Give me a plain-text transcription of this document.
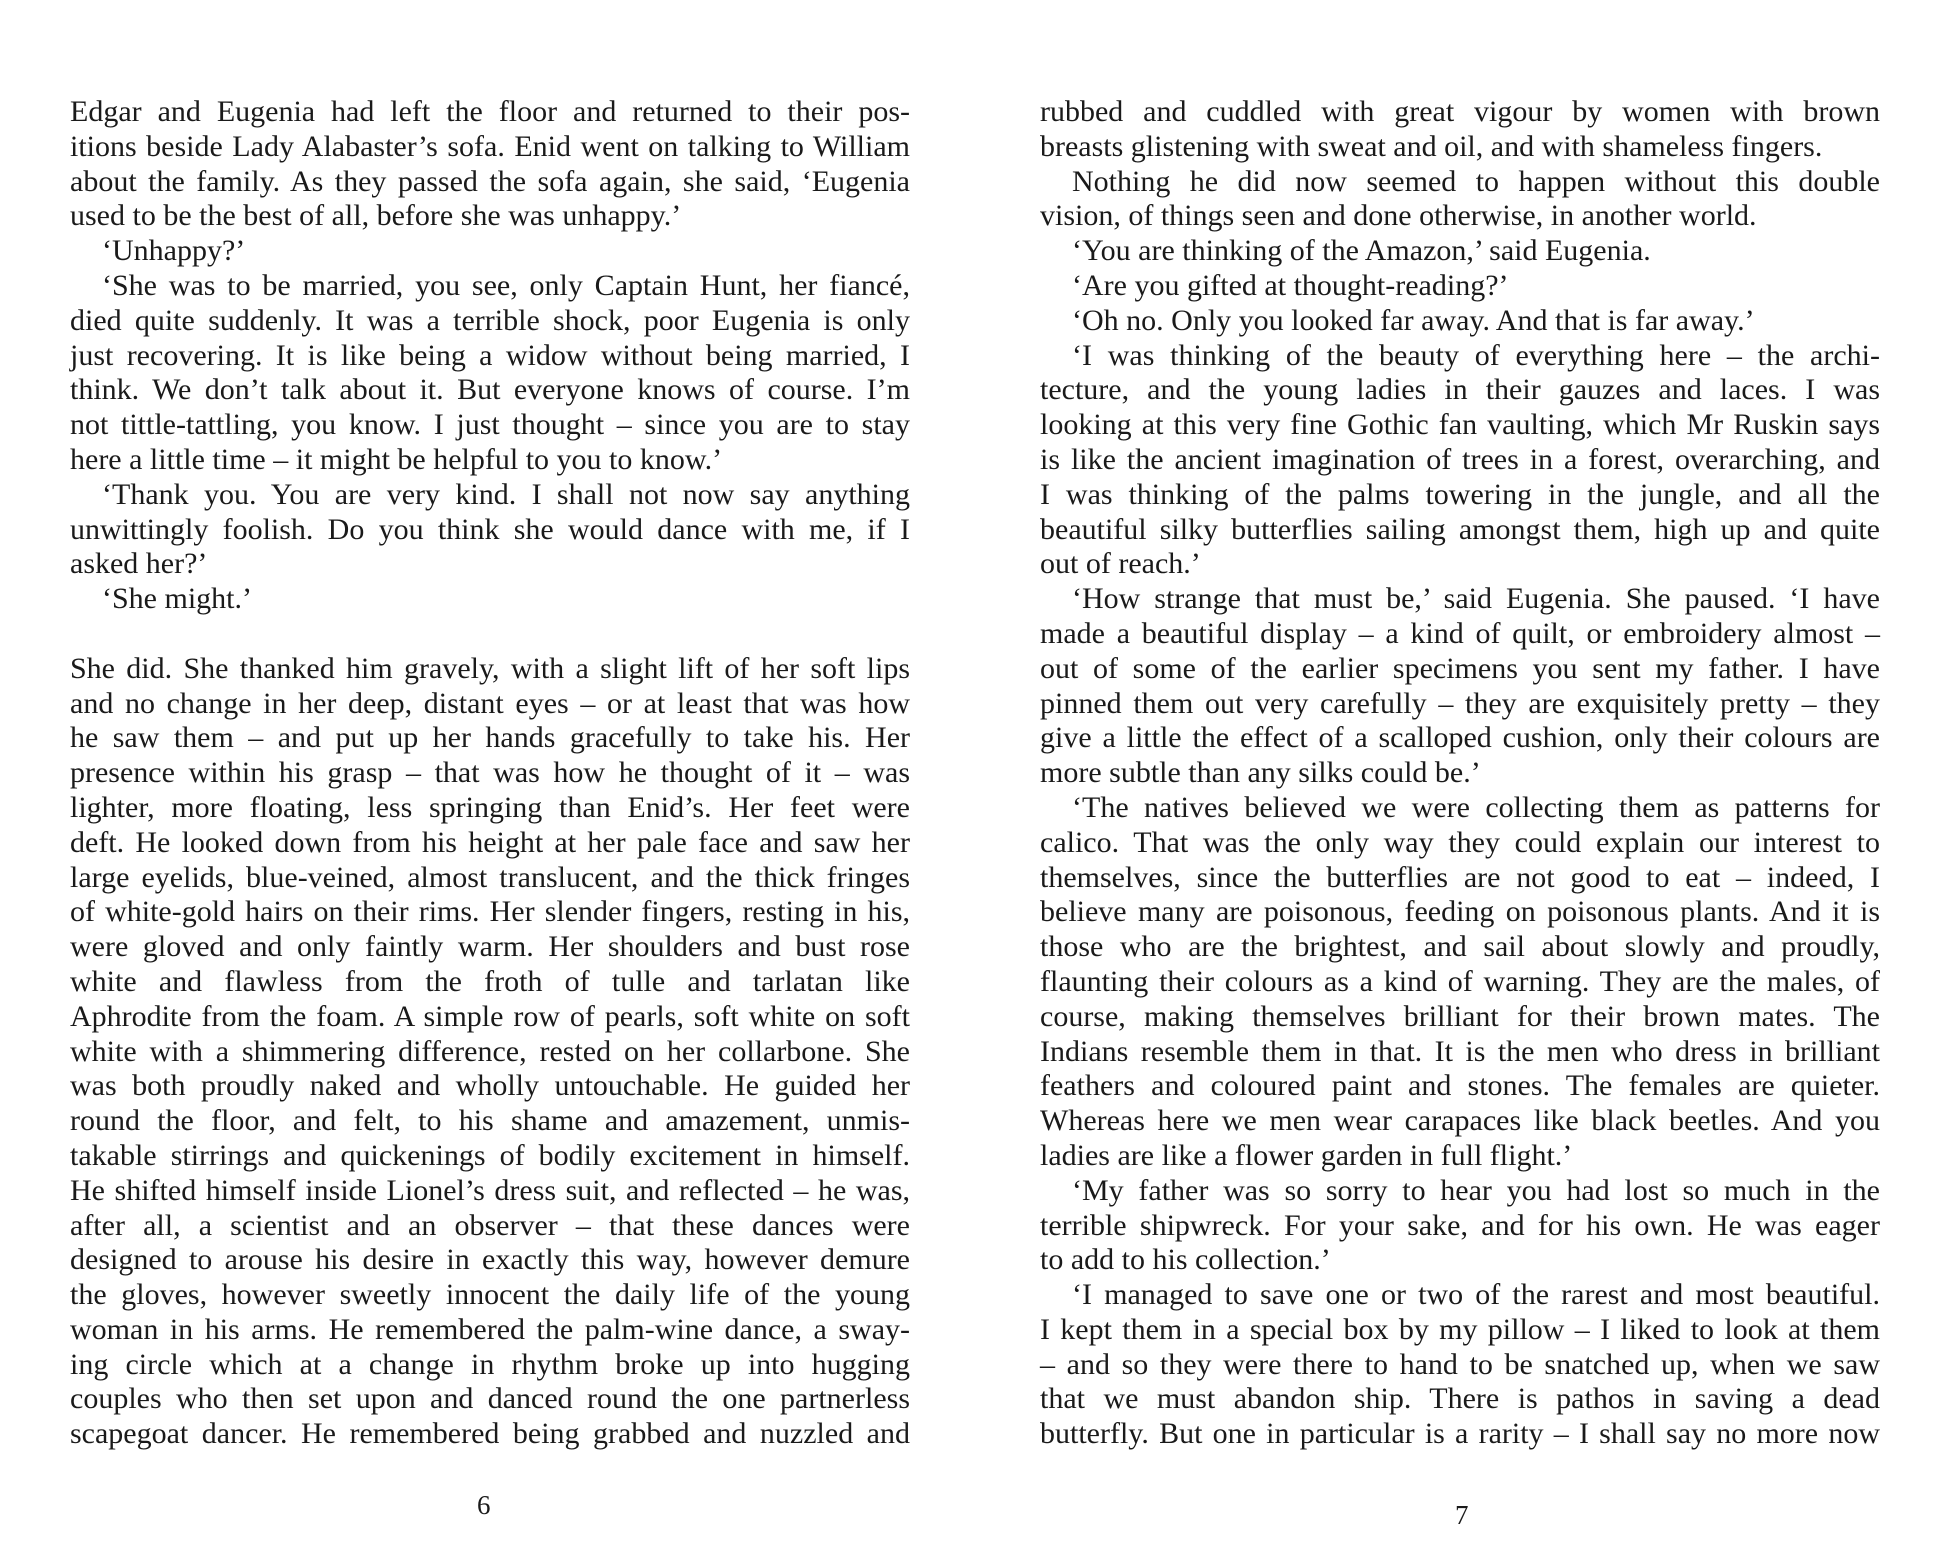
Edgar and Eugenia had left the floor and returned to their pos-
itions beside Lady Alabaster’s sofa. Enid went on talking to William
about the family. As they passed the sofa again, she said, ‘Eugenia
used to be the best of all, before she was unhappy.’
‘Unhappy?’
‘She was to be married, you see, only Captain Hunt, her fiancé,
died quite suddenly. It was a terrible shock, poor Eugenia is only
just recovering. It is like being a widow without being married, I
think. We don’t talk about it. But everyone knows of course. I’m
not tittle-tattling, you know. I just thought – since you are to stay
here a little time – it might be helpful to you to know.’
‘Thank you. You are very kind. I shall not now say anything
unwittingly foolish. Do you think she would dance with me, if I
asked her?’
‘She might.’
She did. She thanked him gravely, with a slight lift of her soft lips
and no change in her deep, distant eyes – or at least that was how
he saw them – and put up her hands gracefully to take his. Her
presence within his grasp – that was how he thought of it – was
lighter, more floating, less springing than Enid’s. Her feet were
deft. He looked down from his height at her pale face and saw her
large eyelids, blue-veined, almost translucent, and the thick fringes
of white-gold hairs on their rims. Her slender fingers, resting in his,
were gloved and only faintly warm. Her shoulders and bust rose
white and flawless from the froth of tulle and tarlatan like
Aphrodite from the foam. A simple row of pearls, soft white on soft
white with a shimmering difference, rested on her collarbone. She
was both proudly naked and wholly untouchable. He guided her
round the floor, and felt, to his shame and amazement, unmis-
takable stirrings and quickenings of bodily excitement in himself.
He shifted himself inside Lionel’s dress suit, and reflected – he was,
after all, a scientist and an observer – that these dances were
designed to arouse his desire in exactly this way, however demure
the gloves, however sweetly innocent the daily life of the young
woman in his arms. He remembered the palm-wine dance, a sway-
ing circle which at a change in rhythm broke up into hugging
couples who then set upon and danced round the one partnerless
scapegoat dancer. He remembered being grabbed and nuzzled and
rubbed and cuddled with great vigour by women with brown
breasts glistening with sweat and oil, and with shameless fingers.
Nothing he did now seemed to happen without this double
vision, of things seen and done otherwise, in another world.
‘You are thinking of the Amazon,’ said Eugenia.
‘Are you gifted at thought-reading?’
‘Oh no. Only you looked far away. And that is far away.’
‘I was thinking of the beauty of everything here – the archi-
tecture, and the young ladies in their gauzes and laces. I was
looking at this very fine Gothic fan vaulting, which Mr Ruskin says
is like the ancient imagination of trees in a forest, overarching, and
I was thinking of the palms towering in the jungle, and all the
beautiful silky butterflies sailing amongst them, high up and quite
out of reach.’
‘How strange that must be,’ said Eugenia. She paused. ‘I have
made a beautiful display – a kind of quilt, or embroidery almost –
out of some of the earlier specimens you sent my father. I have
pinned them out very carefully – they are exquisitely pretty – they
give a little the effect of a scalloped cushion, only their colours are
more subtle than any silks could be.’
‘The natives believed we were collecting them as patterns for
calico. That was the only way they could explain our interest to
themselves, since the butterflies are not good to eat – indeed, I
believe many are poisonous, feeding on poisonous plants. And it is
those who are the brightest, and sail about slowly and proudly,
flaunting their colours as a kind of warning. They are the males, of
course, making themselves brilliant for their brown mates. The
Indians resemble them in that. It is the men who dress in brilliant
feathers and coloured paint and stones. The females are quieter.
Whereas here we men wear carapaces like black beetles. And you
ladies are like a flower garden in full flight.’
‘My father was so sorry to hear you had lost so much in the
terrible shipwreck. For your sake, and for his own. He was eager
to add to his collection.’
‘I managed to save one or two of the rarest and most beautiful.
I kept them in a special box by my pillow – I liked to look at them
– and so they were there to hand to be snatched up, when we saw
that we must abandon ship. There is pathos in saving a dead
butterfly. But one in particular is a rarity – I shall say no more now
6	7
